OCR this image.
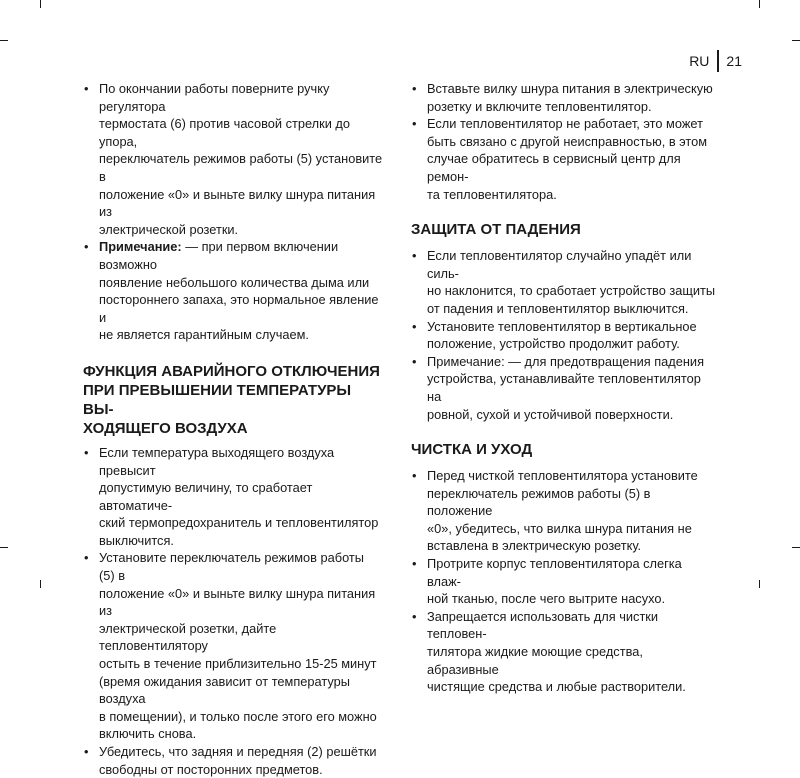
RU 21
• По окончании работы поверните ручку регулятора
термостата (6) против часовой стрелки до упора,
переключатель режимов работы (5) установите в
положение «0» и выньте вилку шнура питания из
электрической розетки.
• Примечание: — при первом включении возможно
появление небольшого количества дыма или
постороннего запаха, это нормальное явление и
не является гарантийным случаем.
ФУНКЦИЯ АВАРИЙНОГО ОТКЛЮЧЕНИЯ
ПРИ ПРЕВЫШЕНИИ ТЕМПЕРАТУРЫ ВЫ-
ХОДЯЩЕГО ВОЗДУХА
• Если температура выходящего воздуха превысит
допустимую величину, то сработает автоматиче-
ский термопредохранитель и тепловентилятор
выключится.
• Установите переключатель режимов работы (5) в
положение «0» и выньте вилку шнура питания из
электрической розетки, дайте тепловентилятору
остыть в течение приблизительно 15-25 минут
(время ожидания зависит от температуры воздуха
в помещении), и только после этого его можно
включить снова.
• Убедитесь, что задняя и передняя (2) решётки
свободны от посторонних предметов.
• Вставьте вилку шнура питания в электрическую
розетку и включите тепловентилятор.
• Если тепловентилятор не работает, это может
быть связано с другой неисправностью, в этом
случае обратитесь в сервисный центр для ремон-
та тепловентилятора.
ЗАЩИТА ОТ ПАДЕНИЯ
• Если тепловентилятор случайно упадёт или силь-
но наклонится, то сработает устройство защиты
от падения и тепловентилятор выключится.
• Установите тепловентилятор в вертикальное
положение, устройство продолжит работу.
• Примечание: — для предотвращения падения
устройства, устанавливайте тепловентилятор на
ровной, сухой и устойчивой поверхности.
ЧИСТКА И УХОД
• Перед чисткой тепловентилятора установите
переключатель режимов работы (5) в положение
«0», убедитесь, что вилка шнура питания не
вставлена в электрическую розетку.
• Протрите корпус тепловентилятора слегка влаж-
ной тканью, после чего вытрите насухо.
• Запрещается использовать для чистки тепловен-
тилятора жидкие моющие средства, абразивные
чистящие средства и любые растворители.
